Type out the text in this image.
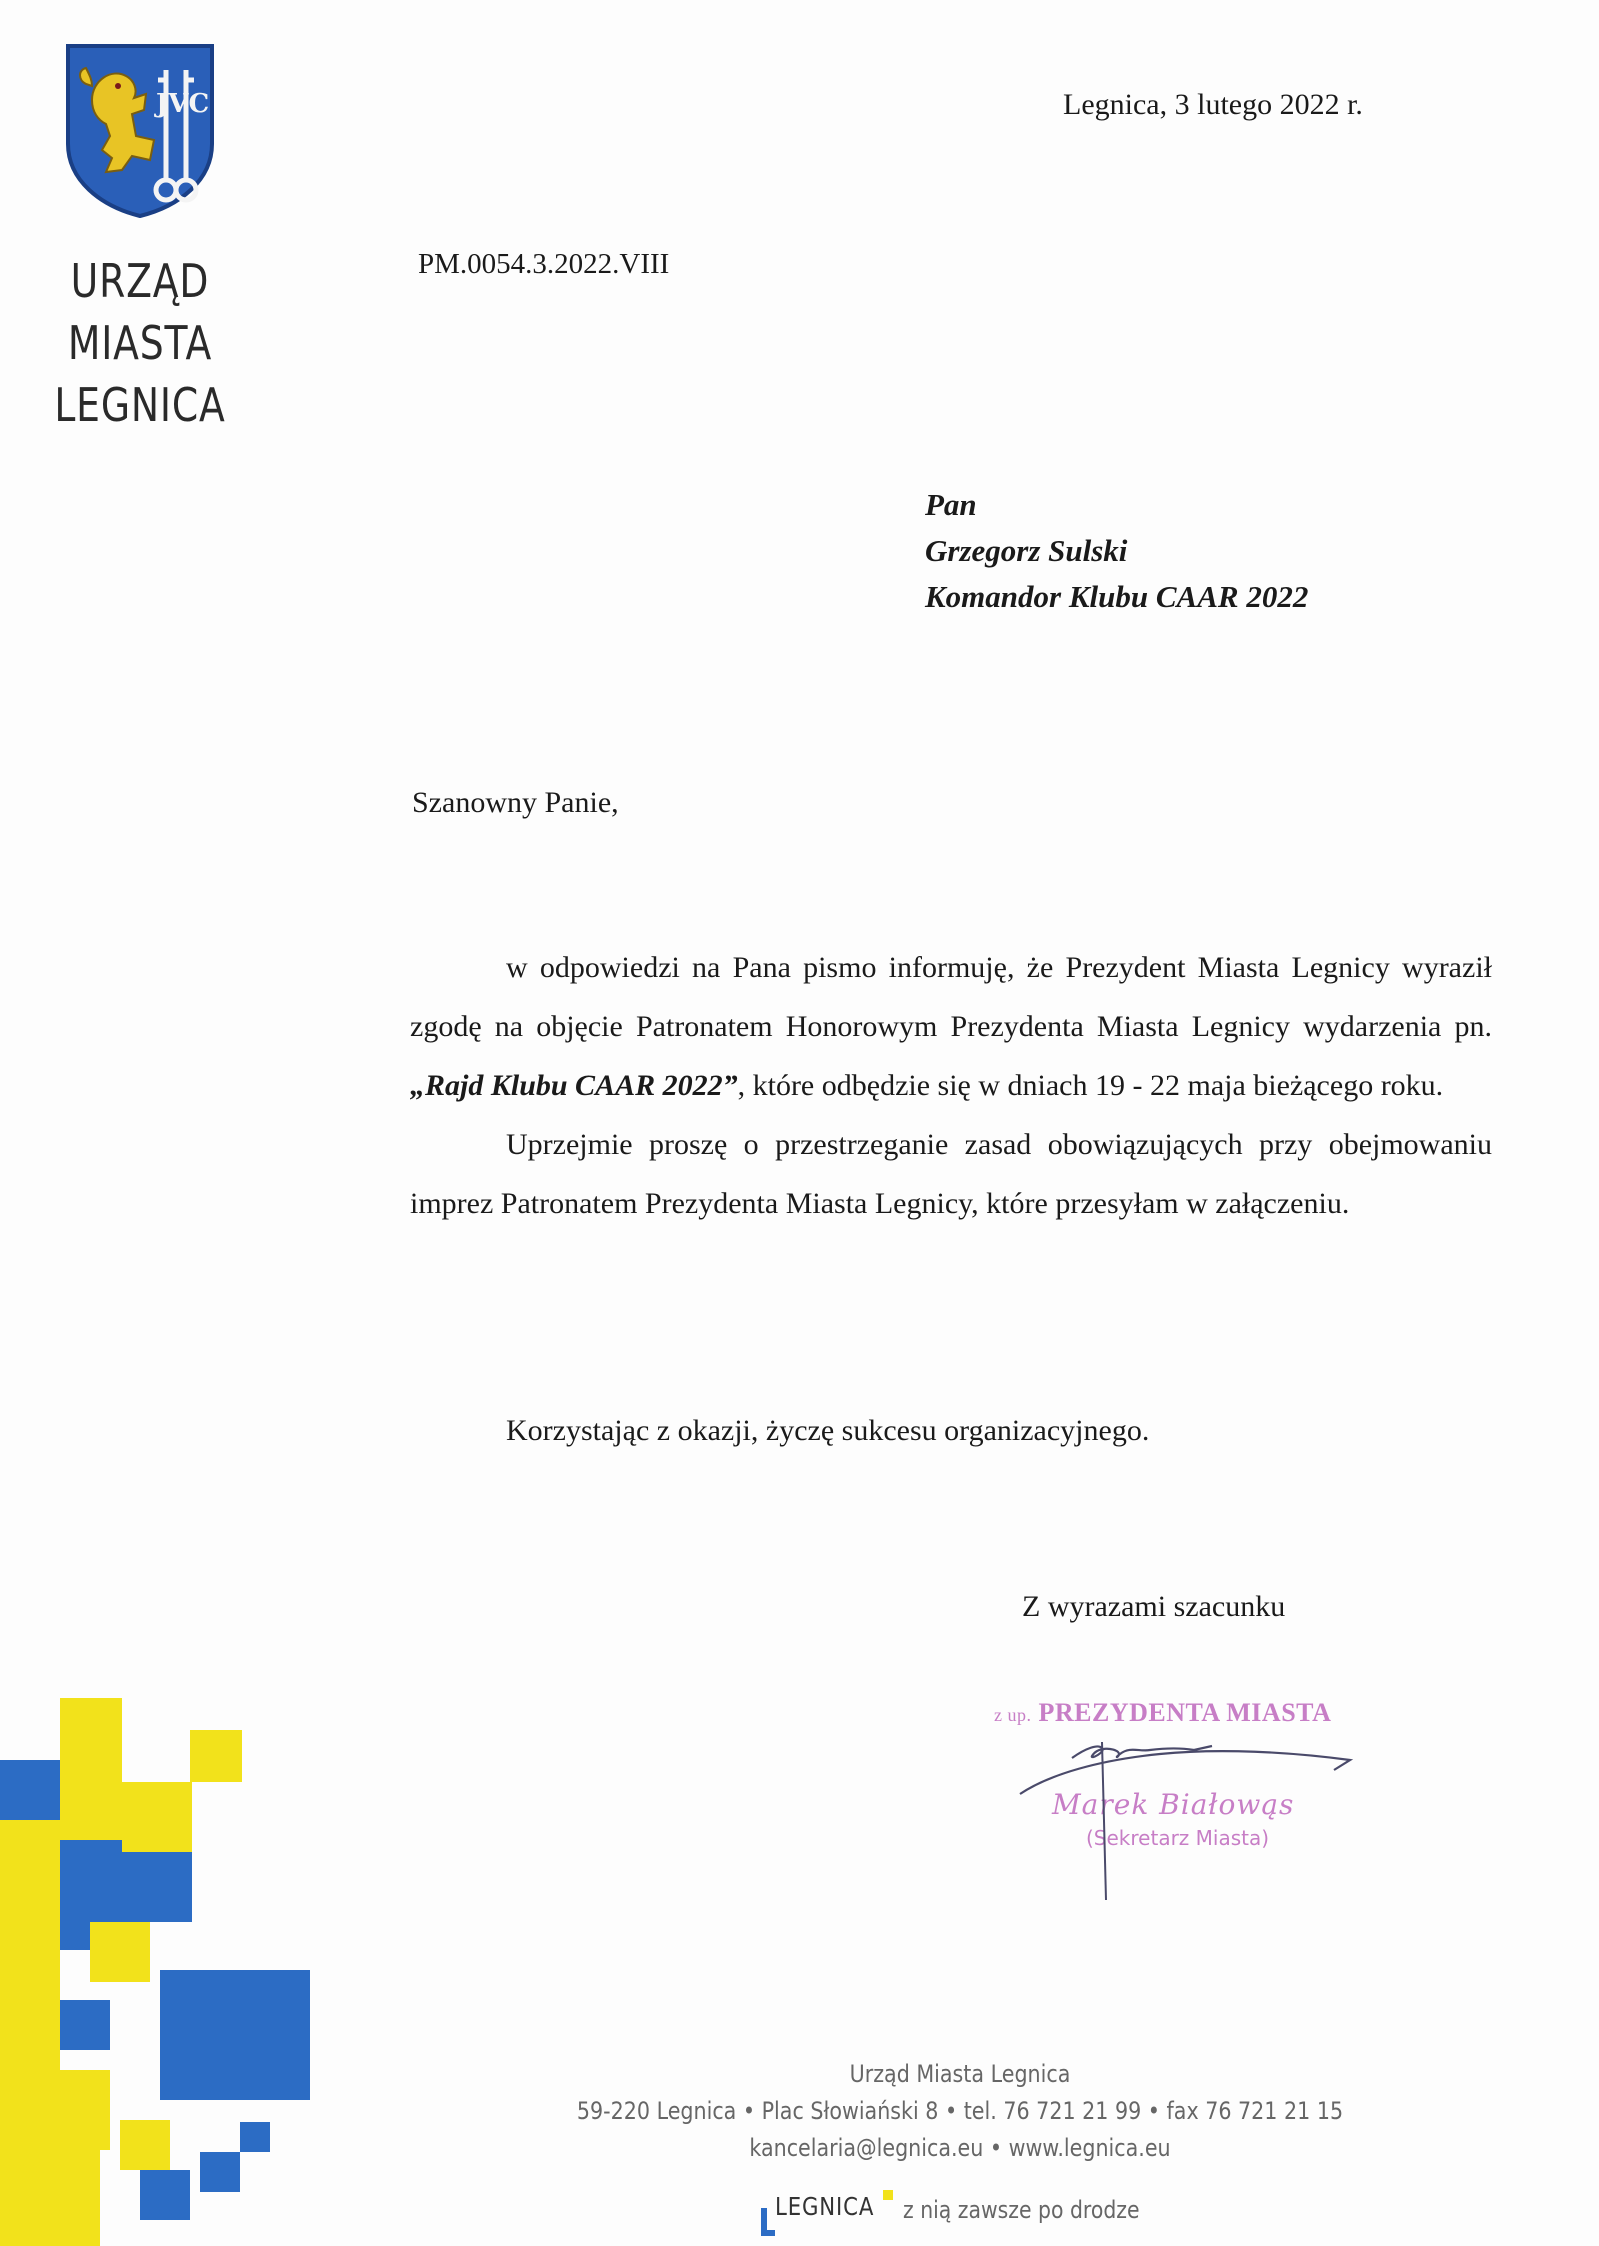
JVC
URZĄD
MIASTA
LEGNICA
Legnica, 3 lutego 2022 r.
PM.0054.3.2022.VIII
Pan
Grzegorz Sulski
Komandor Klubu CAAR 2022
Szanowny Panie,

w odpowiedzi na Pana pismo informuję, że Prezydent Miasta Legnicy wyraził zgodę na objęcie Patronatem Honorowym Prezydenta Miasta Legnicy wydarzenia pn. „Rajd Klubu CAAR 2022”, które odbędzie się w dniach 19 - 22 maja bieżącego roku.

Uprzejmie proszę o przestrzeganie zasad obowiązujących przy obejmowaniu imprez Patronatem Prezydenta Miasta Legnicy, które przesyłam w załączeniu.

Korzystając z okazji, życzę sukcesu organizacyjnego.
Z wyrazami szacunku
z up. PREZYDENTA MIASTA
Marek Białowąs
(Sekretarz Miasta)
Urząd Miasta Legnica
59-220 Legnica • Plac Słowiański 8 • tel. 76 721 21 99 • fax 76 721 21 15
kancelaria@legnica.eu • www.legnica.eu
LEGNICA z nią zawsze po drodze
